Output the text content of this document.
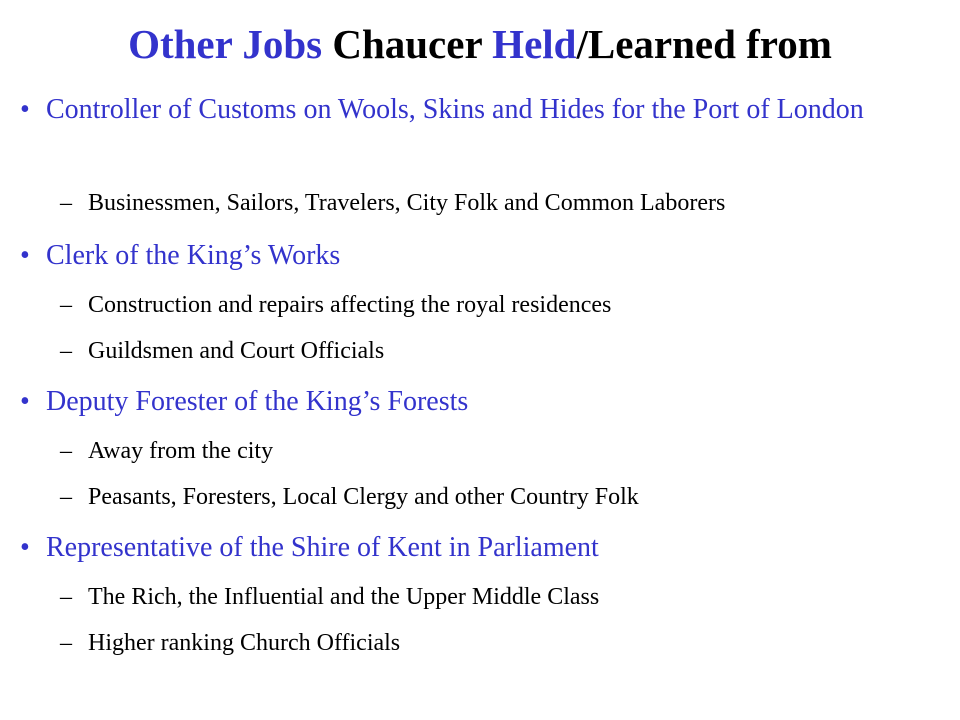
Other Jobs Chaucer Held/Learned from
• Controller of Customs on Wools, Skins and Hides for the Port of London
– Businessmen, Sailors, Travelers, City Folk and Common Laborers
• Clerk of the King’s Works
– Construction and repairs affecting the royal residences
– Guildsmen and Court Officials
• Deputy Forester of the King’s Forests
– Away from the city
– Peasants, Foresters, Local Clergy and other Country Folk
• Representative of the Shire of Kent in Parliament
– The Rich, the Influential and the Upper Middle Class
– Higher ranking Church Officials
